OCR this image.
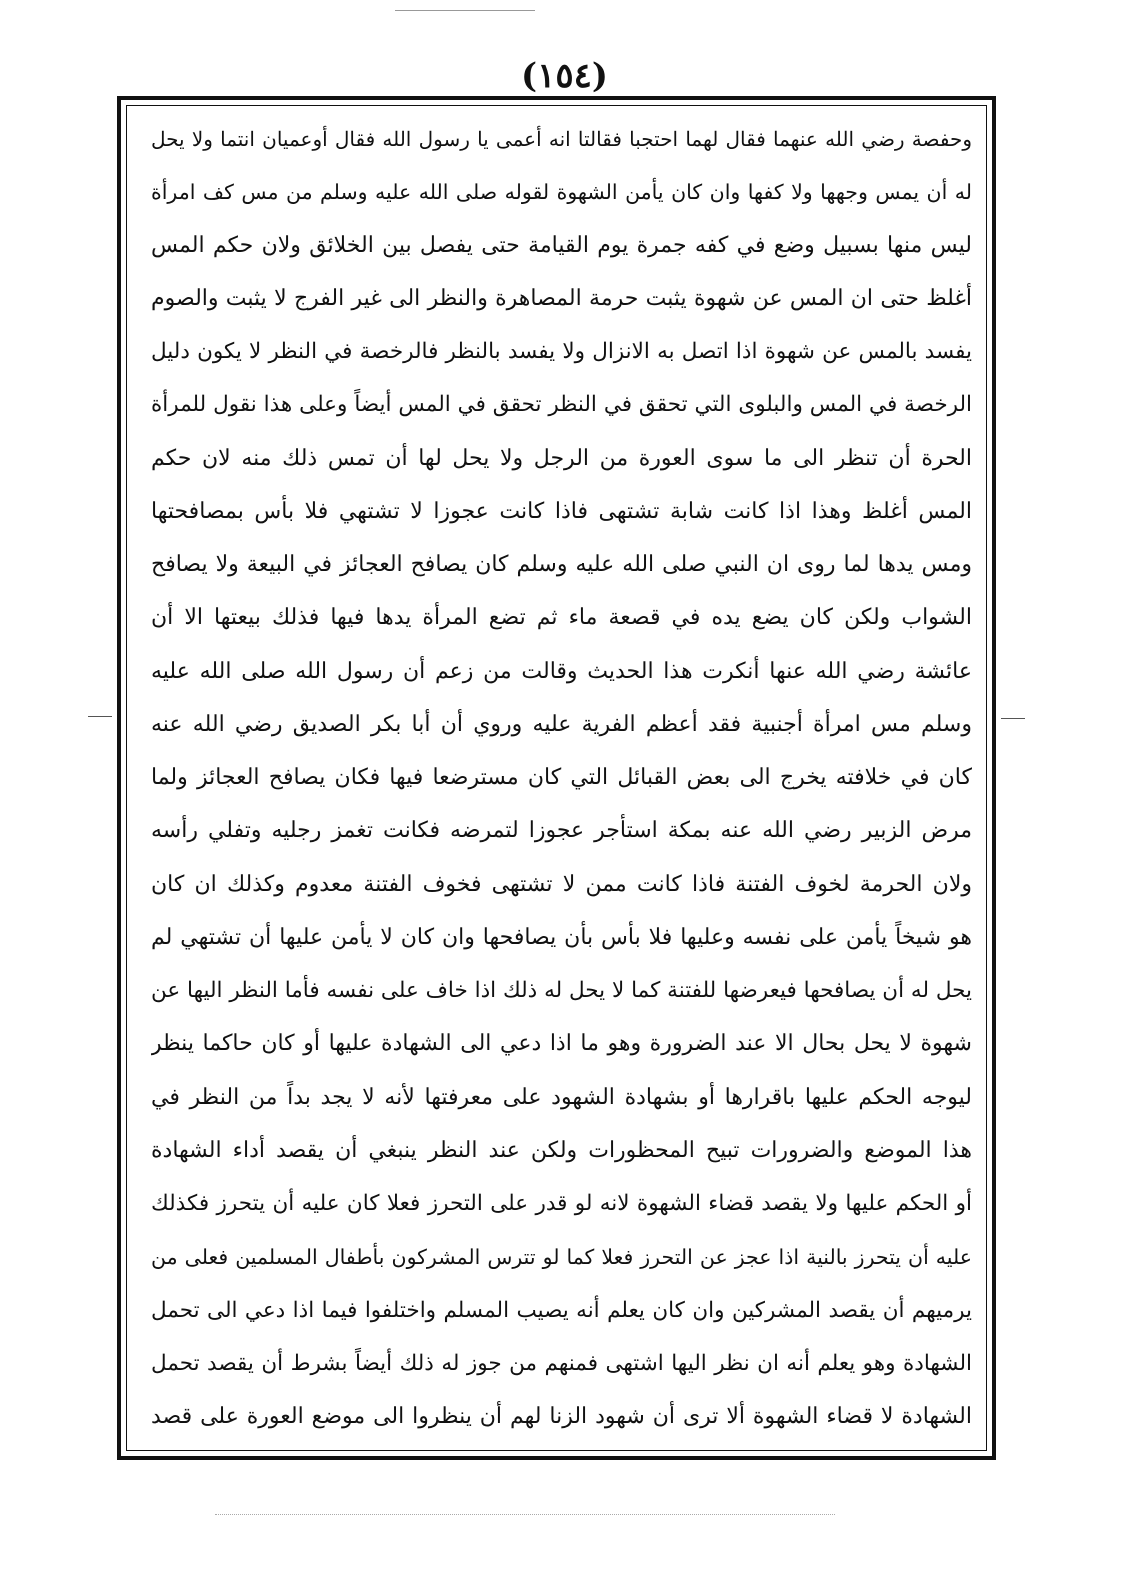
(١٥٤)
وحفصة رضي الله عنهما فقال لهما احتجبا فقالتا انه أعمى يا رسول الله فقال أوعميان انتما ولا يحل
له أن يمس وجهها ولا كفها وان كان يأمن الشهوة لقوله صلى الله عليه وسلم من مس كف امرأة
ليس منها بسبيل وضع في كفه جمرة يوم القيامة حتى يفصل بين الخلائق ولان حكم المس
أغلظ حتى ان المس عن شهوة يثبت حرمة المصاهرة والنظر الى غير الفرج لا يثبت والصوم
يفسد بالمس عن شهوة اذا اتصل به الانزال ولا يفسد بالنظر فالرخصة في النظر لا يكون دليل
الرخصة في المس والبلوى التي تحقق في النظر تحقق في المس أيضاً وعلى هذا نقول للمرأة
الحرة أن تنظر الى ما سوى العورة من الرجل ولا يحل لها أن تمس ذلك منه لان حكم
المس أغلظ وهذا اذا كانت شابة تشتهى فاذا كانت عجوزا لا تشتهي فلا بأس بمصافحتها
ومس يدها لما روى ان النبي صلى الله عليه وسلم كان يصافح العجائز في البيعة ولا يصافح
الشواب ولكن كان يضع يده في قصعة ماء ثم تضع المرأة يدها فيها فذلك بيعتها الا أن
عائشة رضي الله عنها أنكرت هذا الحديث وقالت من زعم أن رسول الله صلى الله عليه
وسلم مس امرأة أجنبية فقد أعظم الفرية عليه وروي أن أبا بكر الصديق رضي الله عنه
كان في خلافته يخرج الى بعض القبائل التي كان مسترضعا فيها فكان يصافح العجائز ولما
مرض الزبير رضي الله عنه بمكة استأجر عجوزا لتمرضه فكانت تغمز رجليه وتفلي رأسه
ولان الحرمة لخوف الفتنة فاذا كانت ممن لا تشتهى فخوف الفتنة معدوم وكذلك ان كان
هو شيخاً يأمن على نفسه وعليها فلا بأس بأن يصافحها وان كان لا يأمن عليها أن تشتهي لم
يحل له أن يصافحها فيعرضها للفتنة كما لا يحل له ذلك اذا خاف على نفسه فأما النظر اليها عن
شهوة لا يحل بحال الا عند الضرورة وهو ما اذا دعي الى الشهادة عليها أو كان حاكما ينظر
ليوجه الحكم عليها باقرارها أو بشهادة الشهود على معرفتها لأنه لا يجد بداً من النظر في
هذا الموضع والضرورات تبيح المحظورات ولكن عند النظر ينبغي أن يقصد أداء الشهادة
أو الحكم عليها ولا يقصد قضاء الشهوة لانه لو قدر على التحرز فعلا كان عليه أن يتحرز فكذلك
عليه أن يتحرز بالنية اذا عجز عن التحرز فعلا كما لو تترس المشركون بأطفال المسلمين فعلى من
يرميهم أن يقصد المشركين وان كان يعلم أنه يصيب المسلم واختلفوا فيما اذا دعي الى تحمل
الشهادة وهو يعلم أنه ان نظر اليها اشتهى فمنهم من جوز له ذلك أيضاً بشرط أن يقصد تحمل
الشهادة لا قضاء الشهوة ألا ترى أن شهود الزنا لهم أن ينظروا الى موضع العورة على قصد
